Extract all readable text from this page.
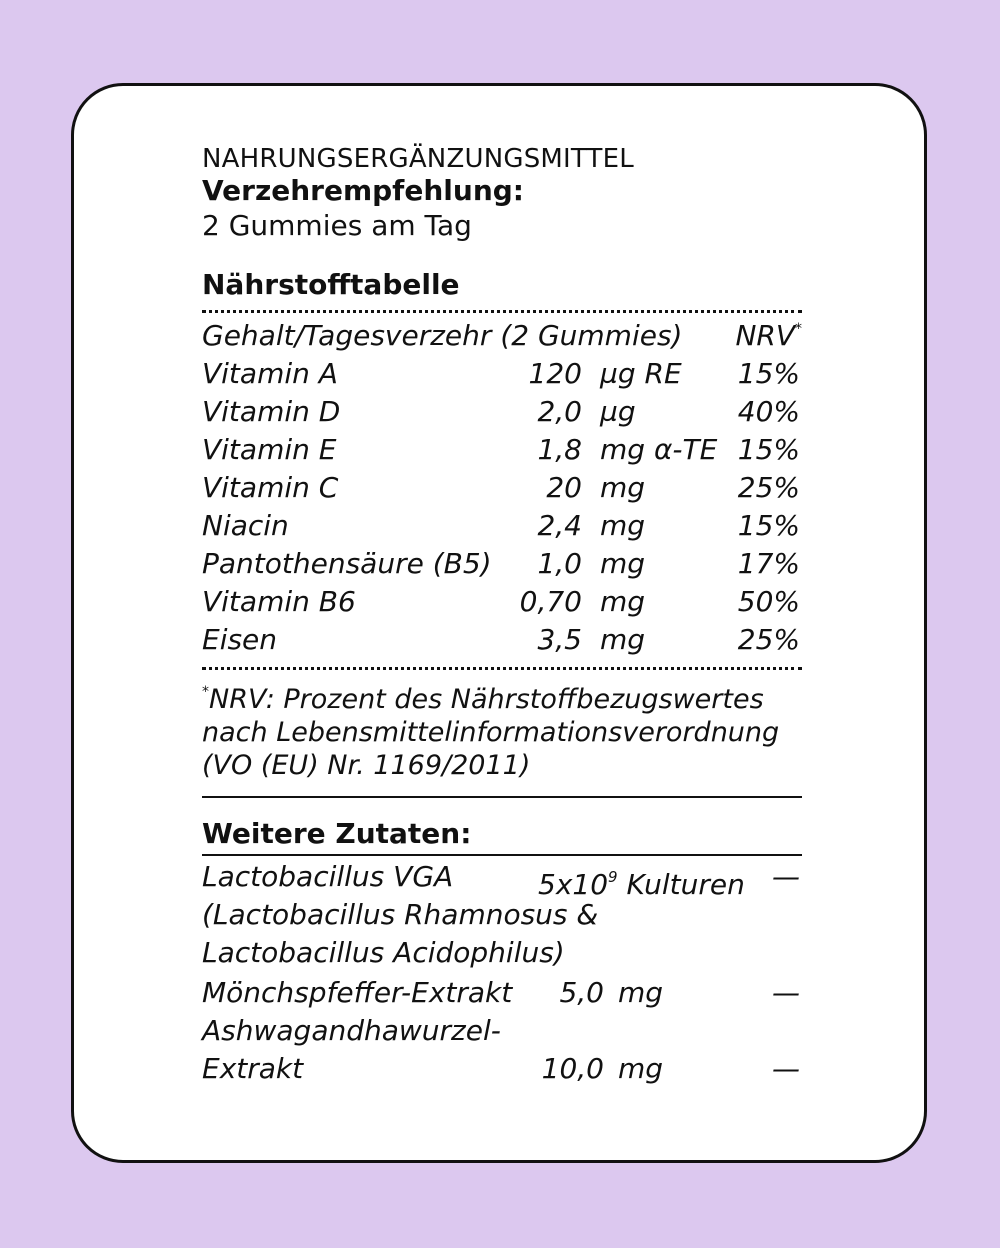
NAHRUNGSERGÄNZUNGSMITTEL
Verzehrempfehlung:
2 Gummies am Tag
Nährstofftabelle
Gehalt/Tagesverzehr (2 Gummies) NRV*
Vitamin A	120 µg RE 15%
Vitamin D	2,0 µg	40%
Vitamin E	1,8 mg α-TE 15%
Vitamin C	20 mg	25%
Niacin	2,4 mg	15%
Pantothensäure (B5) 1,0 mg	17%
Vitamin B6	0,70 mg	50%
Eisen	3,5 mg	25%
*NRV: Prozent des Nährstoffbezugswertes
nach Lebensmittelinformationsverordnung
(VO (EU) Nr. 1169/2011)
Weitere Zutaten:
Lactobacillus VGA	$5x10^9$ Kulturen —
(Lactobacillus Rhamnosus &
Lactobacillus Acidophilus)
Mönchspfeffer-Extrakt 5,0 mg	—
Ashwagandhawurzel-
Extrakt	10,0 mg	—
